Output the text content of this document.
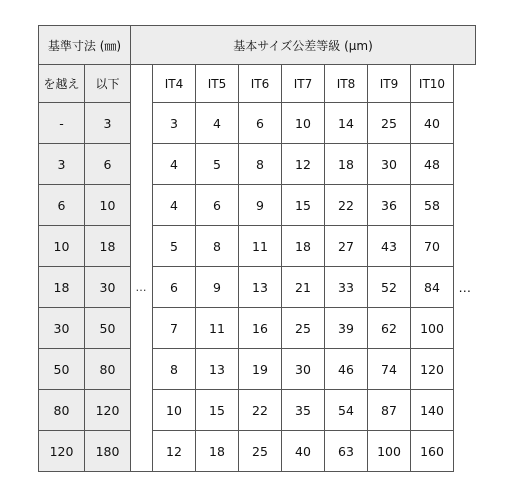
基準寸法 (㎜)		基本サイズ公差等級 (μm)								
を越え	以下		IT4	IT5	IT6	IT7	IT8	IT9	IT10	
-	3		3	4	6	10	14	25	40	
3	6		4	5	8	12	18	30	48	
6	10		4	6	9	15	22	36	58	
10	18		5	8	11	18	27	43	70	
18	30	…	6	9	13	21	33	52	84	…
30	50		7	11	16	25	39	62	100	
50	80		8	13	19	30	46	74	120	
80	120		10	15	22	35	54	87	140	
120	180		12	18	25	40	63	100	160	
